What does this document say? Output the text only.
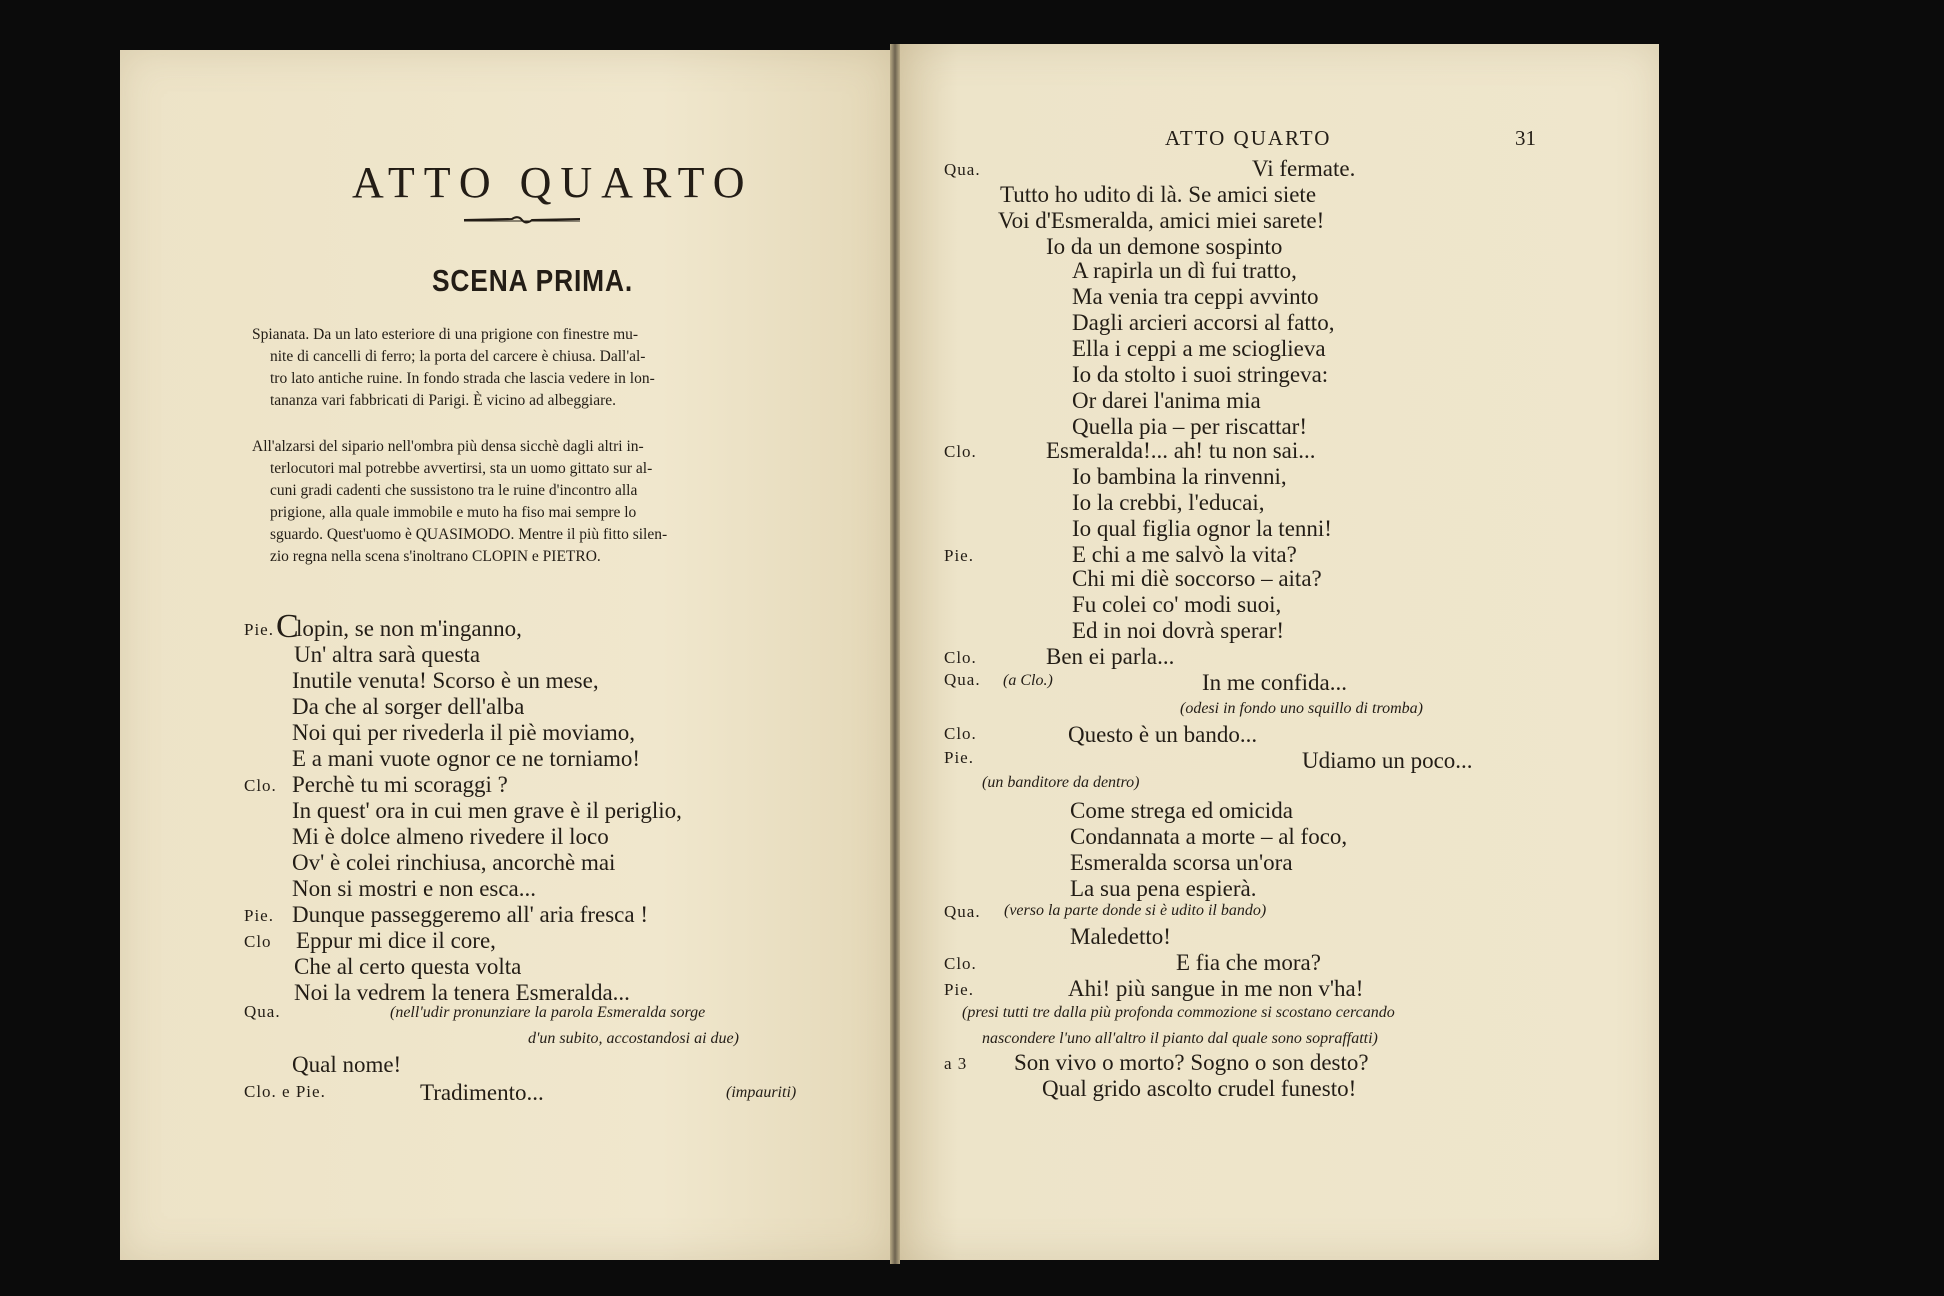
ATTO QUARTO
SCENA PRIMA.
Spianata. Da un lato esteriore di una prigione con finestre mu-
nite di cancelli di ferro; la porta del carcere è chiusa. Dall'al-
tro lato antiche ruine. In fondo strada che lascia vedere in lon-
tananza vari fabbricati di Parigi. È vicino ad albeggiare.
All'alzarsi del sipario nell'ombra più densa sicchè dagli altri in-
terlocutori mal potrebbe avvertirsi, sta un uomo gittato sur al-
cuni gradi cadenti che sussistono tra le ruine d'incontro alla
prigione, alla quale immobile e muto ha fiso mai sempre lo
sguardo. Quest'uomo è QUASIMODO. Mentre il più fitto silen-
zio regna nella scena s'inoltrano CLOPIN e PIETRO.
Pie. C
lopin, se non m'inganno,
Un' altra sarà questa
Inutile venuta! Scorso è un mese,
Da che al sorger dell'alba
Noi qui per rivederla il piè moviamo,
E a mani vuote ognor ce ne torniamo!
Clo. Perchè tu mi scoraggi ?
In quest' ora in cui men grave è il periglio,
Mi è dolce almeno rivedere il loco
Ov' è colei rinchiusa, ancorchè mai
Non si mostri e non esca...
Pie. Dunque passeggeremo all' aria fresca !
Clo Eppur mi dice il core,
Che al certo questa volta
Noi la vedrem la tenera Esmeralda...
Qua.	(nell'udir pronunziare la parola Esmeralda sorge
d'un subito, accostandosi ai due)
Qual nome!
Clo. e Pie.	Tradimento...	(impauriti)
ATTO QUARTO	31
Qua.	Vi fermate.
Tutto ho udito di là. Se amici siete
Voi d'Esmeralda, amici miei sarete!
Io da un demone sospinto
A rapirla un dì fui tratto,
Ma venia tra ceppi avvinto
Dagli arcieri accorsi al fatto,
Ella i ceppi a me scioglieva
Io da stolto i suoi stringeva:
Or darei l'anima mia
Quella pia – per riscattar!
Clo.	Esmeralda!... ah! tu non sai...
Io bambina la rinvenni,
Io la crebbi, l'educai,
Io qual figlia ognor la tenni!
Pie.	E chi a me salvò la vita?
Chi mi diè soccorso – aita?
Fu colei co' modi suoi,
Ed in noi dovrà sperar!
Clo.	Ben ei parla...
Qua. (a Clo.)	In me confida...
(odesi in fondo uno squillo di tromba)
Clo.	Questo è un bando...
Pie.	Udiamo un poco...
(un banditore da dentro)
Come strega ed omicida
Condannata a morte – al foco,
Esmeralda scorsa un'ora
La sua pena espierà.
Qua. (verso la parte donde si è udito il bando)
Maledetto!
Clo.	E fia che mora?
Pie.	Ahi! più sangue in me non v'ha!
(presi tutti tre dalla più profonda commozione si scostano cercando
nascondere l'uno all'altro il pianto dal quale sono sopraffatti)
a 3 Son vivo o morto? Sogno o son desto?
Qual grido ascolto crudel funesto!
